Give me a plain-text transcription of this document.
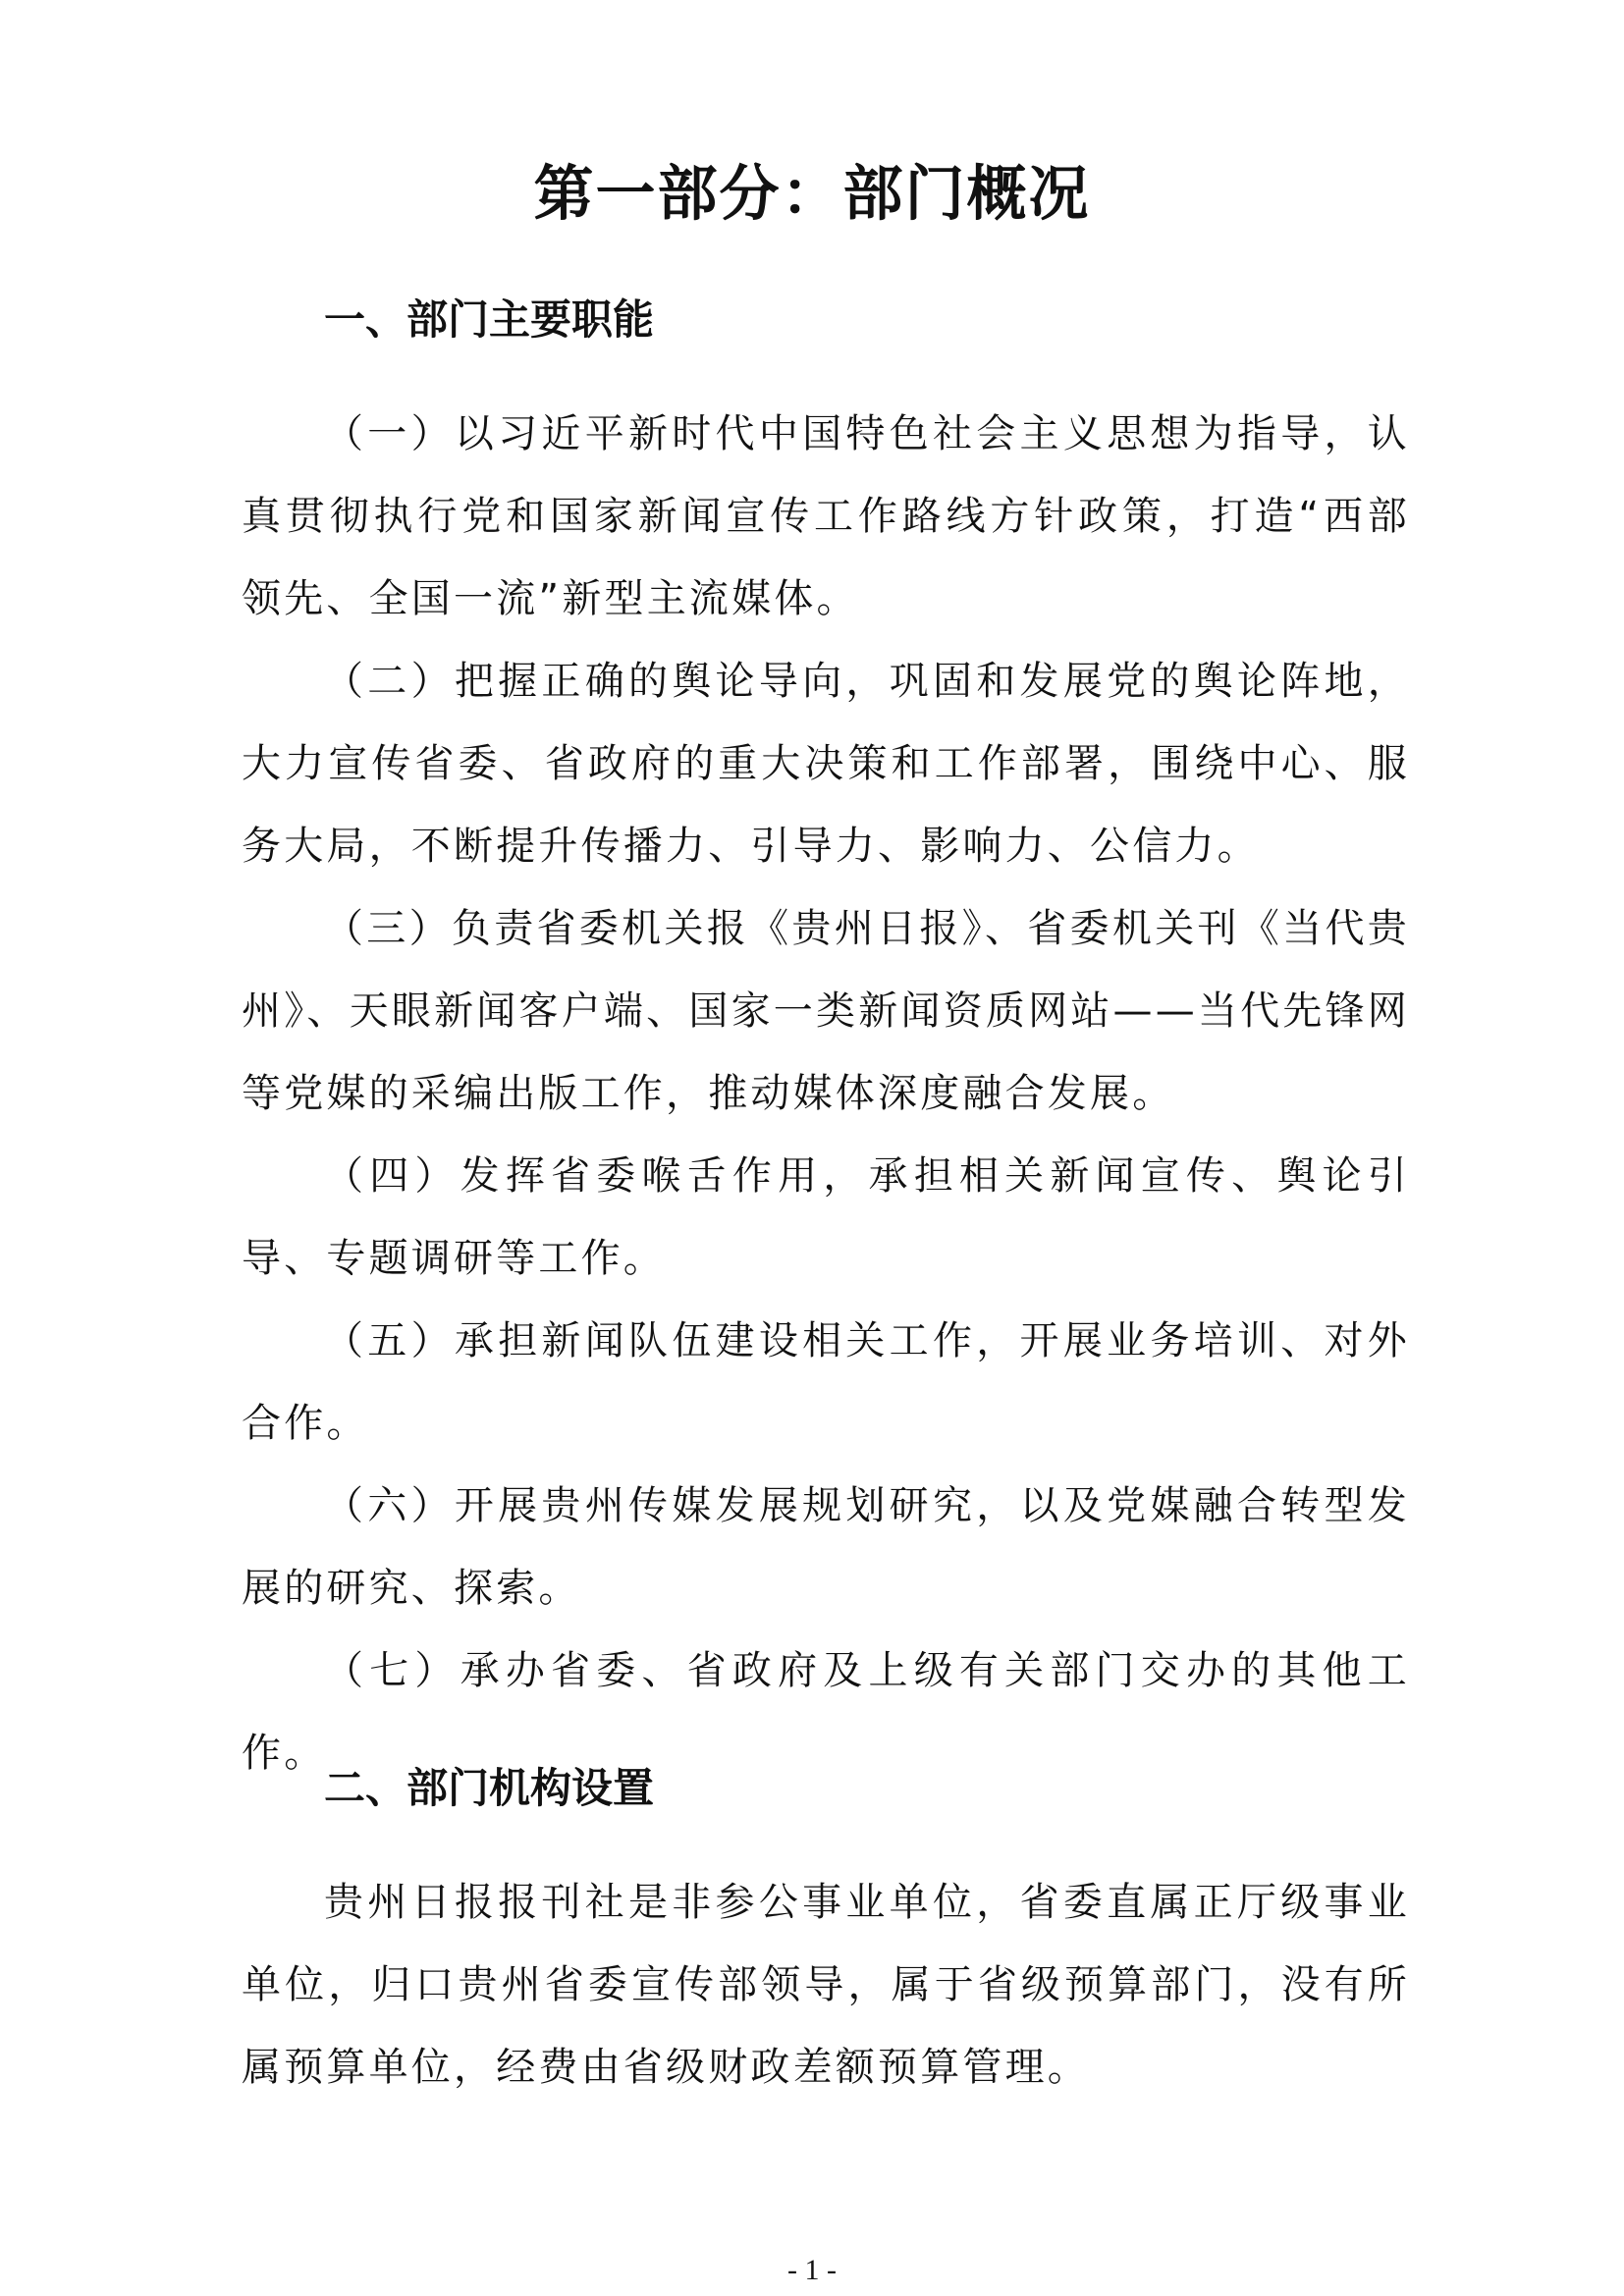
第一部分：部门概况
一、部门主要职能

（一）以习近平新时代中国特色社会主义思想为指导，认真贯彻执行党和国家新闻宣传工作路线方针政策，打造“西部领先、全国一流”新型主流媒体。

（二）把握正确的舆论导向，巩固和发展党的舆论阵地，大力宣传省委、省政府的重大决策和工作部署，围绕中心、服务大局，不断提升传播力、引导力、影响力、公信力。

（三）负责省委机关报《贵州日报》、省委机关刊《当代贵州》、天眼新闻客户端、国家一类新闻资质网站——当代先锋网等党媒的采编出版工作，推动媒体深度融合发展。

（四）发挥省委喉舌作用，承担相关新闻宣传、舆论引导、专题调研等工作。

（五）承担新闻队伍建设相关工作，开展业务培训、对外合作。

（六）开展贵州传媒发展规划研究，以及党媒融合转型发展的研究、探索。

（七）承办省委、省政府及上级有关部门交办的其他工作。

二、部门机构设置

贵州日报报刊社是非参公事业单位，省委直属正厅级事业单位，归口贵州省委宣传部领导，属于省级预算部门，没有所属预算单位，经费由省级财政差额预算管理。

- 1 -
